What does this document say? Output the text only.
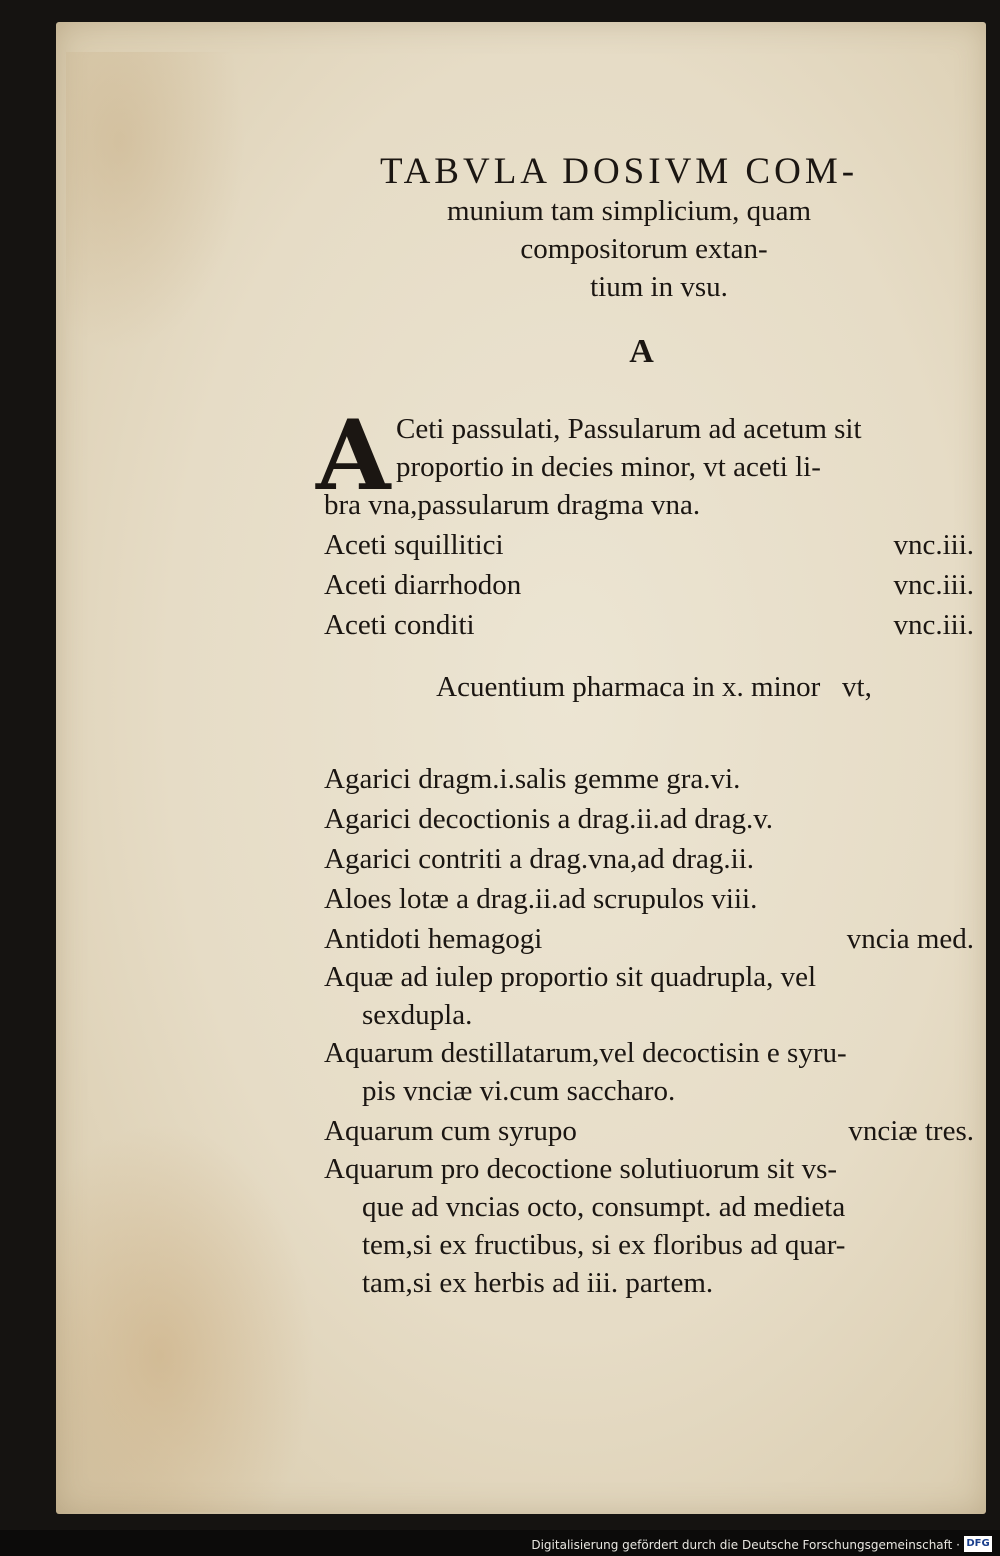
TABVLA DOSIVM COM-
munium tam simplicium, quam
compositorum extan-
tium in vsu.
A
A Ceti passulati, Passularum ad acetum sit
proportio in decies minor, vt aceti li-
bra vna,passularum dragma vna.
Aceti squillitici	vnc.iii.
Aceti diarrhodon	vnc.iii.
Aceti conditi	vnc.iii.
Acuentium pharmaca in x. minor   vt,
Agarici dragm.i.salis gemme gra.vi.
Agarici decoctionis a drag.ii.ad drag.v.
Agarici contriti a drag.vna,ad drag.ii.
Aloes lotæ a drag.ii.ad scrupulos viii.
Antidoti hemagogi	vncia med.
Aquæ ad iulep proportio sit quadrupla, vel
sexdupla.
Aquarum destillatarum,vel decoctisin e syru-
pis vnciæ vi.cum saccharo.
Aquarum cum syrupo	vnciæ tres.
Aquarum pro decoctione solutiuorum sit vs-
que ad vncias octo, consumpt. ad medieta
tem,si ex fructibus, si ex floribus ad quar-
tam,si ex herbis ad iii. partem.
Digitalisierung gefördert durch die Deutsche Forschungsgemeinschaft · DFG
